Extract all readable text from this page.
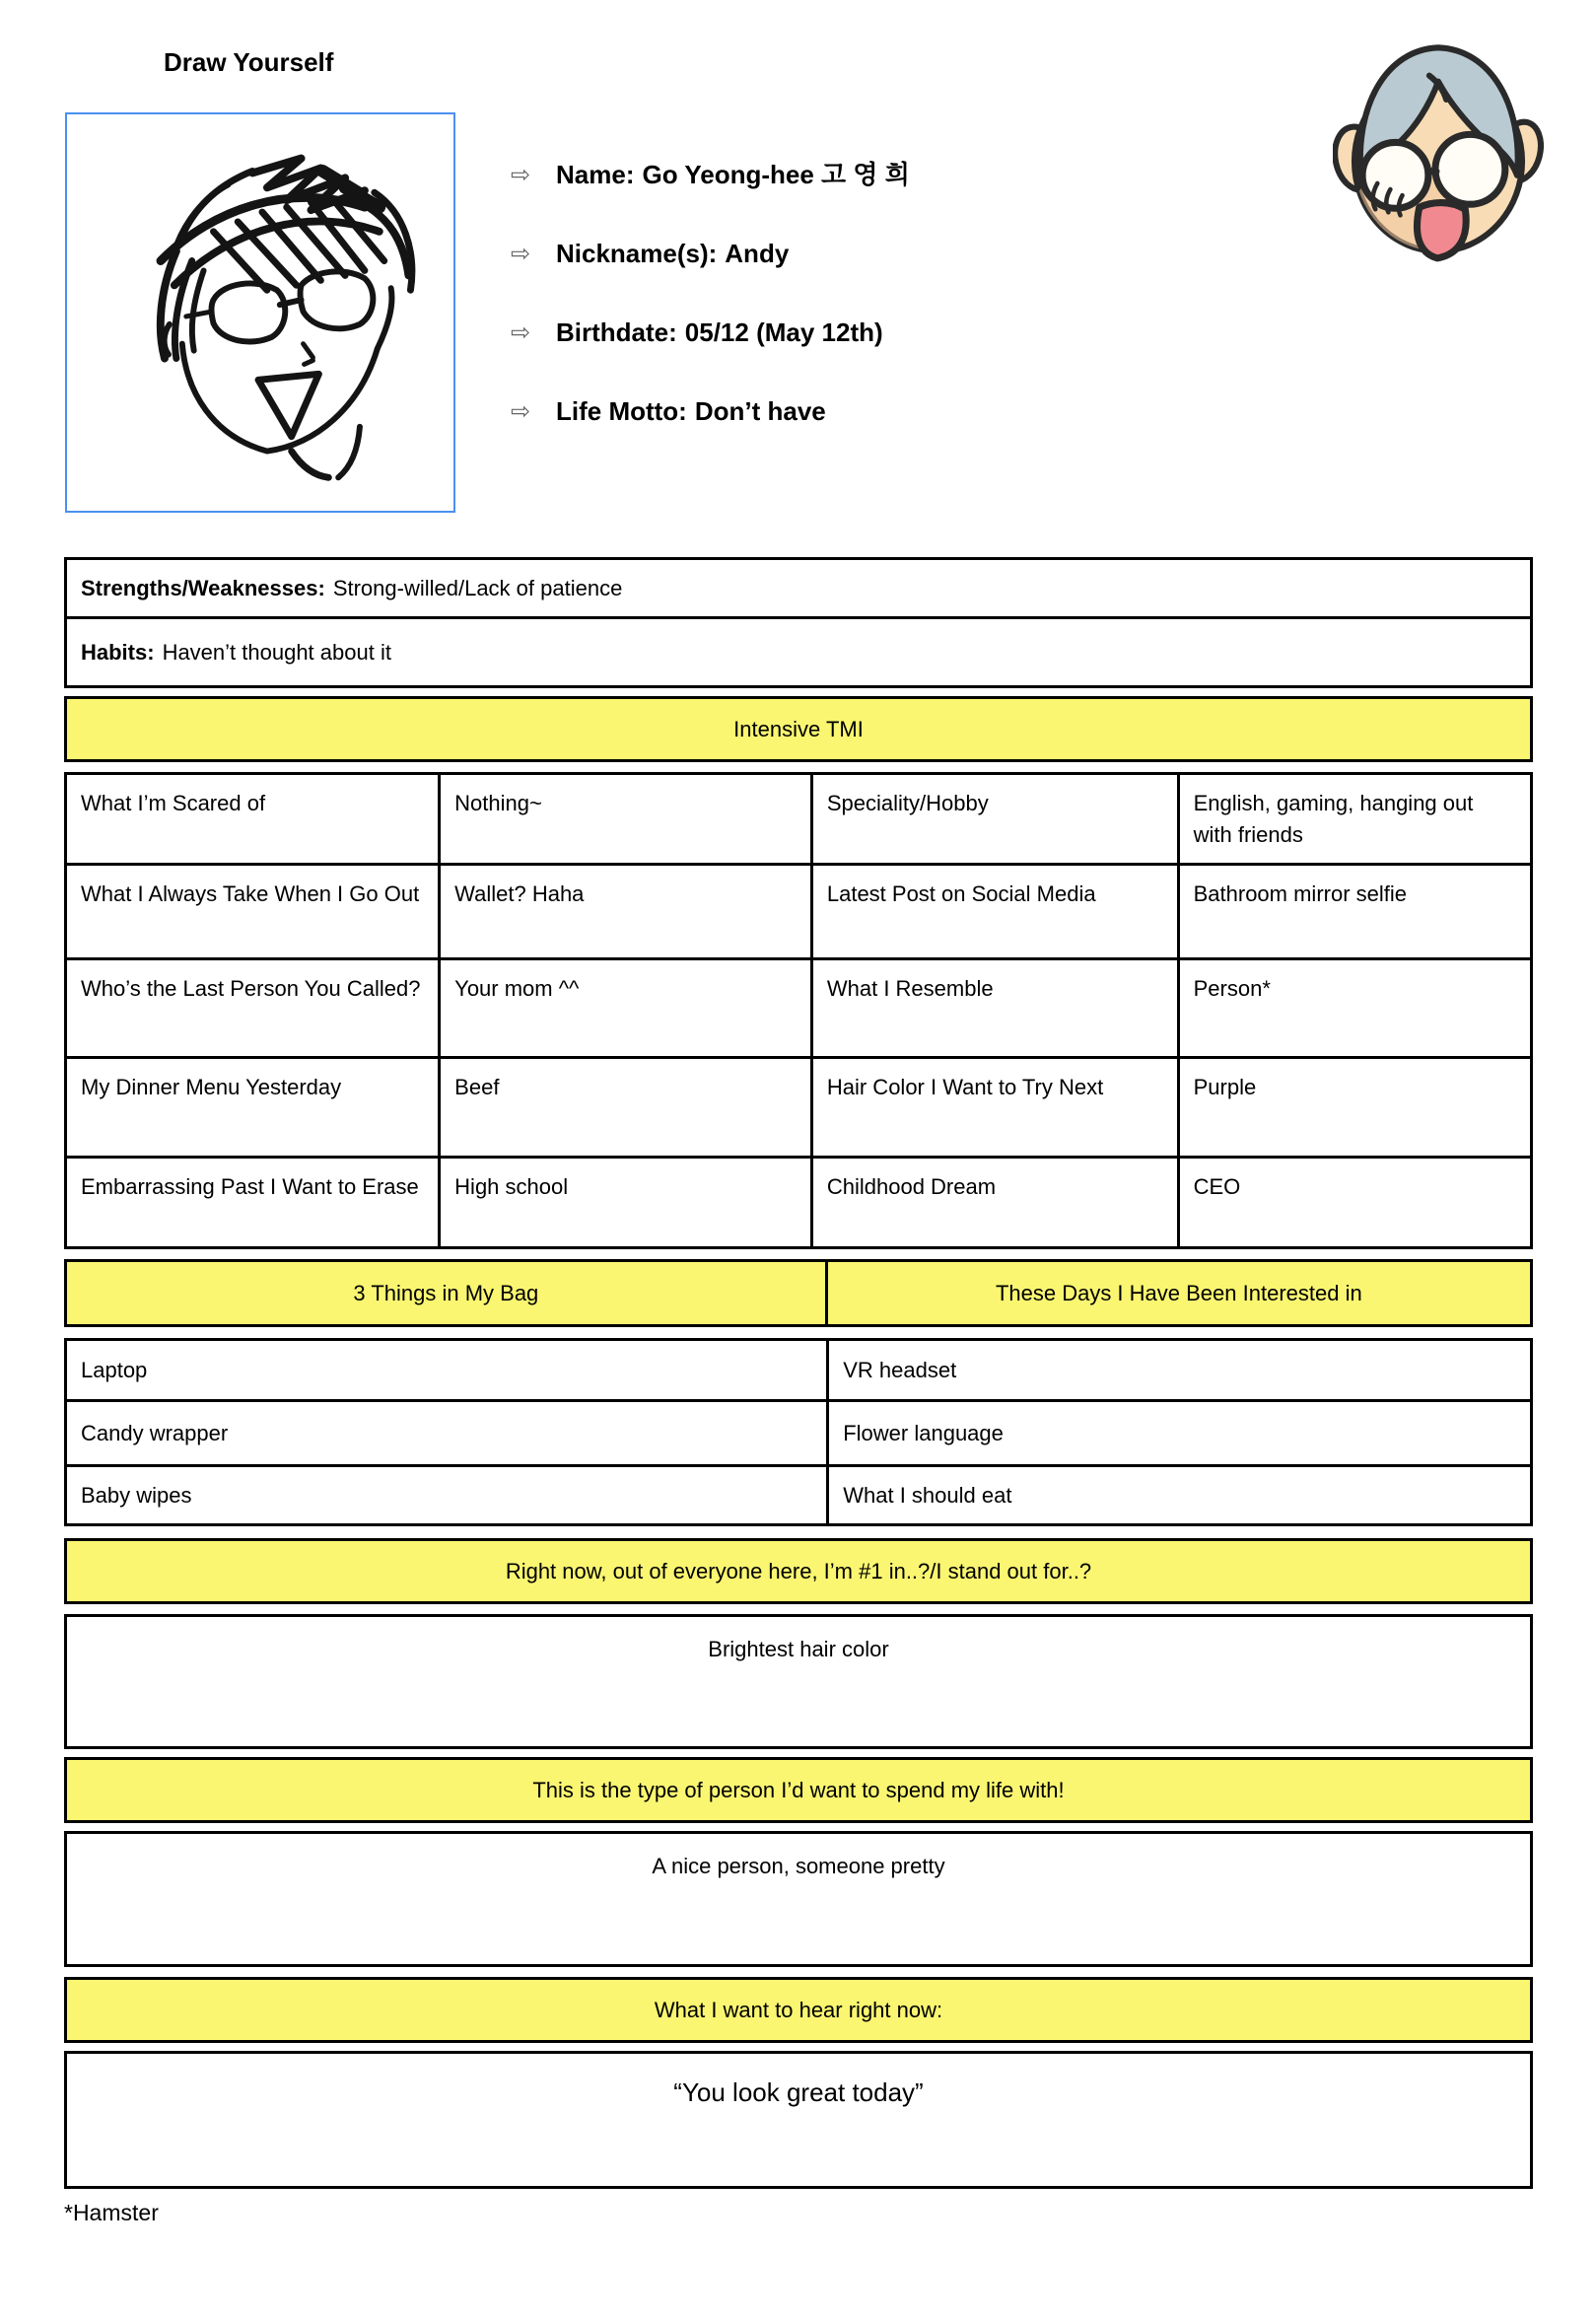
Draw Yourself
⇨ Name: Go Yeong-hee 고 영 희
⇨ Nickname(s): Andy
⇨ Birthdate: 05/12 (May 12th)
⇨ Life Motto: Don’t have
Strengths/Weaknesses: Strong-willed/Lack of patience
Habits: Haven’t thought about it
Intensive TMI
What I’m Scared of	Nothing~	Speciality/Hobby	English, gaming, hanging out with friends
What I Always Take When I Go Out	Wallet? Haha	Latest Post on Social Media	Bathroom mirror selfie
Who’s the Last Person You Called?	Your mom ^^	What I Resemble	Person*
My Dinner Menu Yesterday	Beef	Hair Color I Want to Try Next	Purple
Embarrassing Past I Want to Erase	High school	Childhood Dream	CEO
3 Things in My Bag	These Days I Have Been Interested in
Laptop	VR headset
Candy wrapper	Flower language
Baby wipes	What I should eat
Right now, out of everyone here, I’m #1 in..?/I stand out for..?
Brightest hair color
This is the type of person I’d want to spend my life with!
A nice person, someone pretty
What I want to hear right now:
“You look great today”
*Hamster
